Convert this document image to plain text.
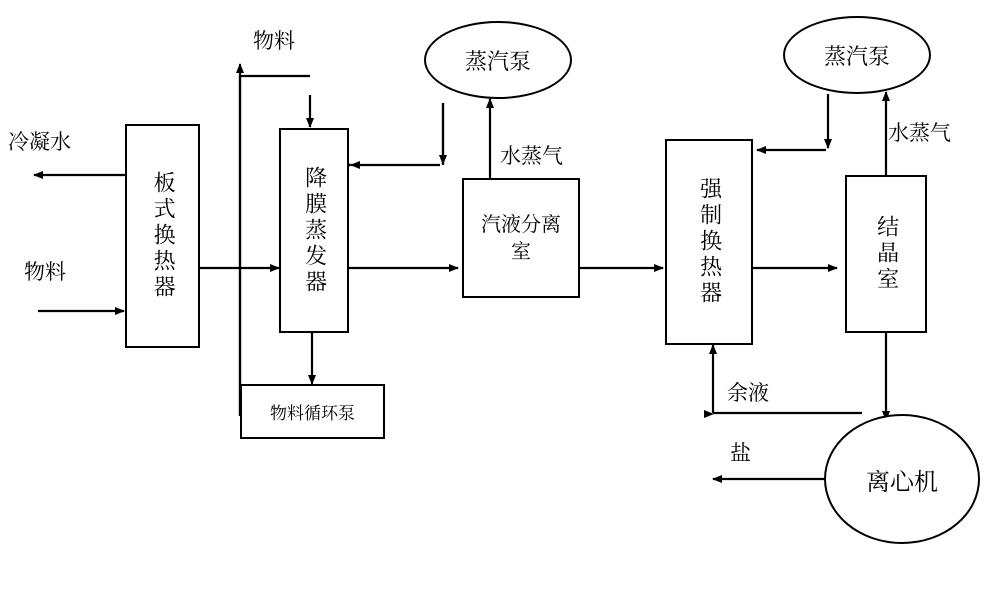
板式换热器	降膜蒸发器
物料循环泵
汽液分离室
蒸汽泵
强制换热器	结晶室
蒸汽泵
离心机
冷凝水
物料
物料
水蒸气
水蒸气
余液
盐
